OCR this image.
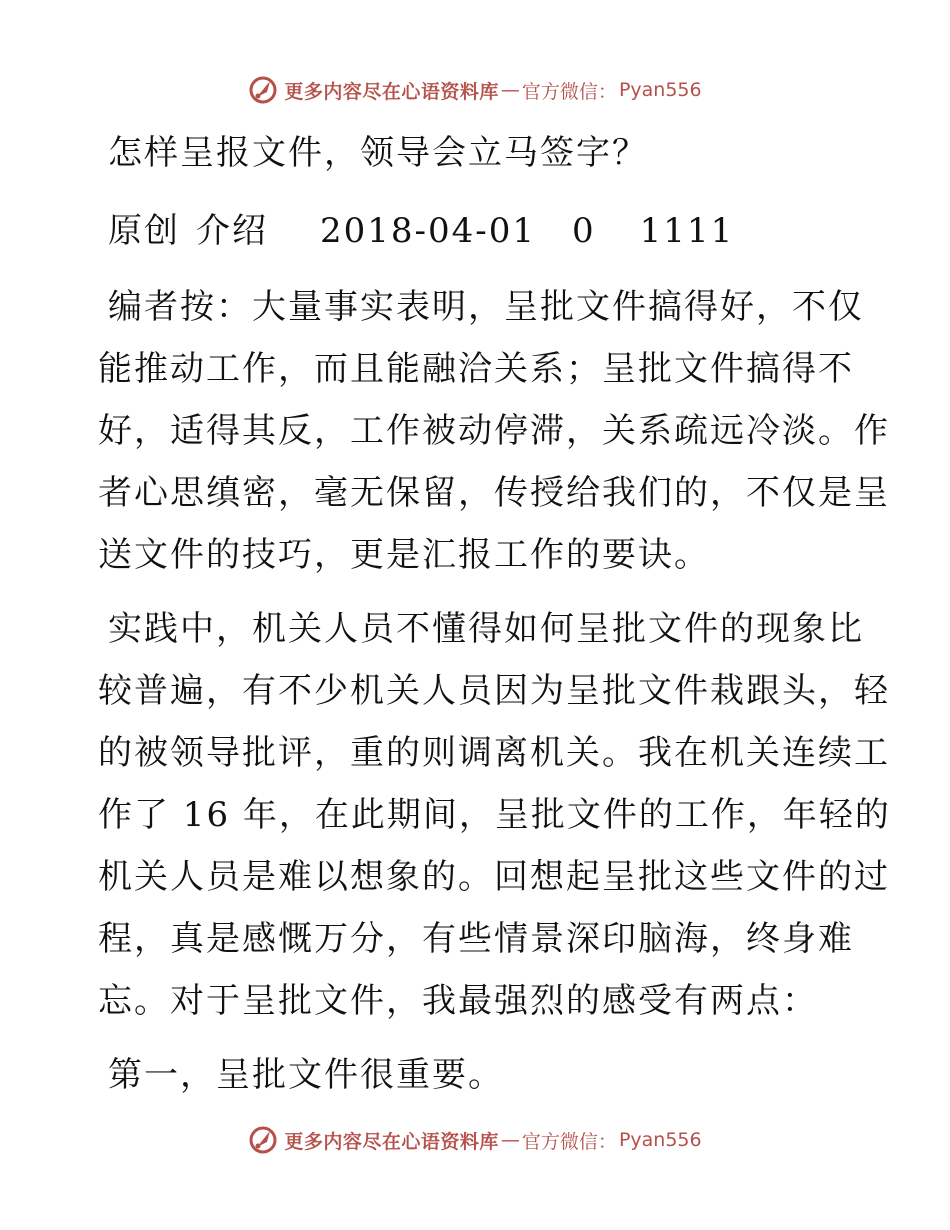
更多内容尽在心语资料库 — 官方微信： Pyan556
怎样呈报文件，领导会立马签字？
原创 介绍 2018-04-01 0 1111
编者按：大量事实表明，呈批文件搞得好，不仅
能推动工作，而且能融洽关系；呈批文件搞得不
好，适得其反，工作被动停滞，关系疏远冷淡。作
者心思缜密，毫无保留，传授给我们的，不仅是呈
送文件的技巧，更是汇报工作的要诀。
实践中，机关人员不懂得如何呈批文件的现象比
较普遍，有不少机关人员因为呈批文件栽跟头，轻
的被领导批评，重的则调离机关。我在机关连续工
作了 16 年，在此期间，呈批文件的工作，年轻的
机关人员是难以想象的。回想起呈批这些文件的过
程，真是感慨万分，有些情景深印脑海，终身难
忘。对于呈批文件，我最强烈的感受有两点：
第一，呈批文件很重要。
更多内容尽在心语资料库 — 官方微信： Pyan556
